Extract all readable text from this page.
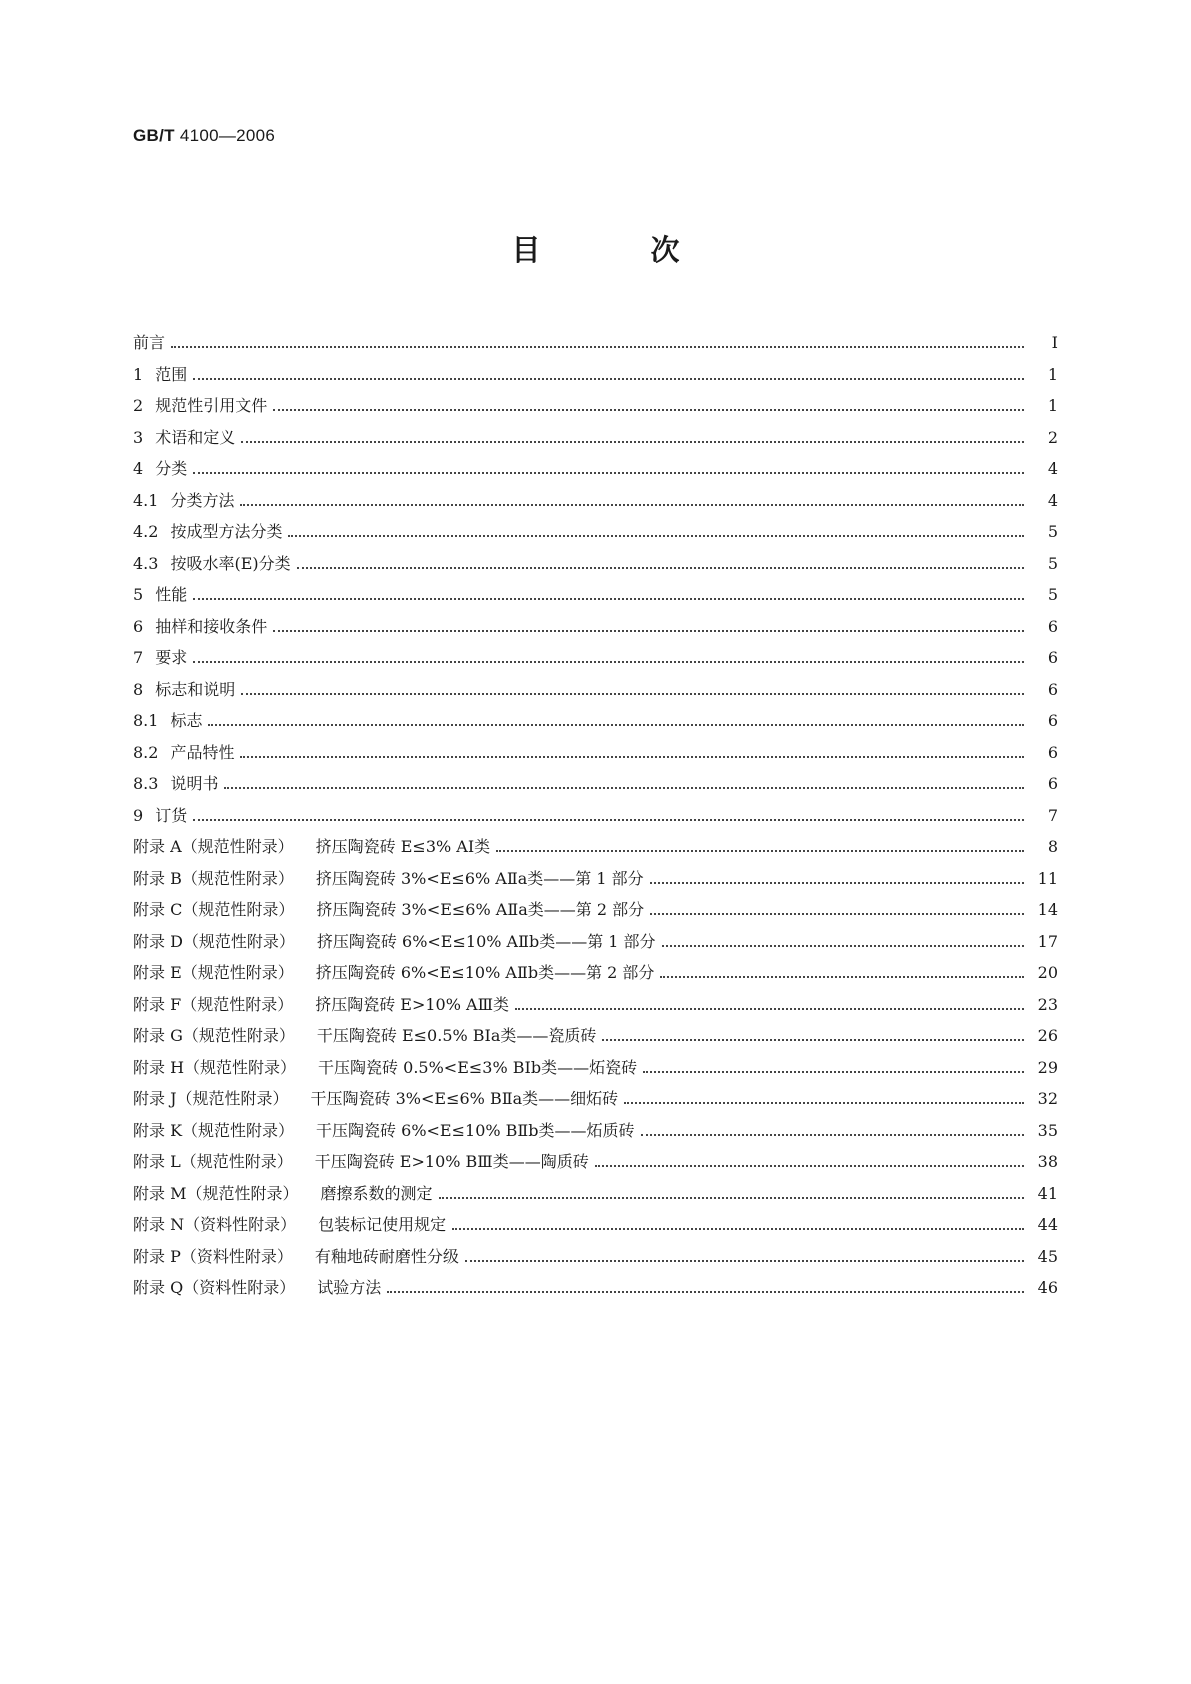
GB/T 4100—2006
目 次
前言	Ⅰ
1 范围	1
2 规范性引用文件	1
3 术语和定义	2
4 分类	4
4.1 分类方法	4
4.2 按成型方法分类	5
4.3 按吸水率(E)分类	5
5 性能	5
6 抽样和接收条件	6
7 要求	6
8 标志和说明	6
8.1 标志	6
8.2 产品特性	6
8.3 说明书	6
9 订货	7
附录 A（规范性附录） 挤压陶瓷砖 E≤3% AⅠ类	8
附录 B（规范性附录） 挤压陶瓷砖 3%<E≤6% AⅡa类——第 1 部分	11
附录 C（规范性附录） 挤压陶瓷砖 3%<E≤6% AⅡa类——第 2 部分	14
附录 D（规范性附录） 挤压陶瓷砖 6%<E≤10% AⅡb类——第 1 部分	17
附录 E（规范性附录） 挤压陶瓷砖 6%<E≤10% AⅡb类——第 2 部分	20
附录 F（规范性附录） 挤压陶瓷砖 E>10% AⅢ类	23
附录 G（规范性附录） 干压陶瓷砖 E≤0.5% BⅠa类——瓷质砖	26
附录 H（规范性附录） 干压陶瓷砖 0.5%<E≤3% BⅠb类——炻瓷砖	29
附录 J（规范性附录） 干压陶瓷砖 3%<E≤6% BⅡa类——细炻砖	32
附录 K（规范性附录） 干压陶瓷砖 6%<E≤10% BⅡb类——炻质砖	35
附录 L（规范性附录） 干压陶瓷砖 E>10% BⅢ类——陶质砖	38
附录 M（规范性附录） 磨擦系数的测定	41
附录 N（资料性附录） 包装标记使用规定	44
附录 P（资料性附录） 有釉地砖耐磨性分级	45
附录 Q（资料性附录） 试验方法	46
